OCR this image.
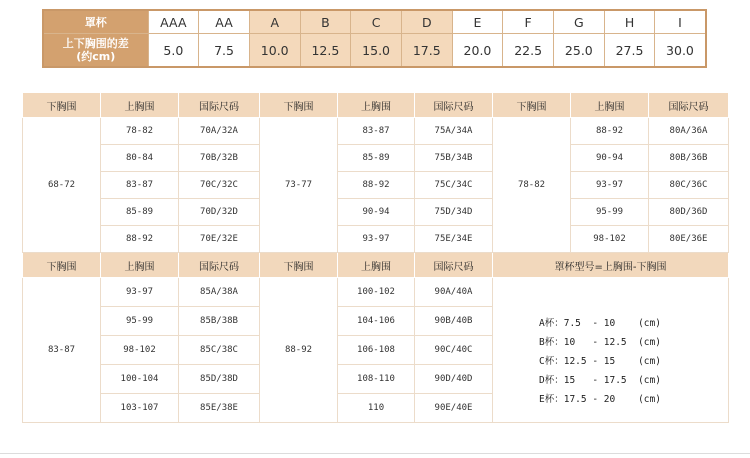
罩杯	AAA	AA	A	B	C	D	E	F	G	H	I

上下胸围的差
(约cm)	5.0	7.5	10.0	12.5	15.0	17.5	20.0	22.5	25.0	27.5	30.0
下胸围	上胸围	国际尺码	下胸围	上胸围	国际尺码	下胸围	上胸围	国际尺码
68-72	78-82	70A/32A	73-77	83-87	75A/34A	78-82	88-92	80A/36A
	80-84	70B/32B		85-89	75B/34B		90-94	80B/36B
	83-87	70C/32C		88-92	75C/34C		93-97	80C/36C
	85-89	70D/32D		90-94	75D/34D		95-99	80D/36D
	88-92	70E/32E		93-97	75E/34E		98-102	80E/36E
下胸围	上胸围	国际尺码	下胸围	上胸围	国际尺码	罩杯型号=上胸围-下胸围		
83-87	93-97	85A/38A	88-92	100-102	90A/40A	A杯：7.5  - 10    (cm)
B杯：10   - 12.5  (cm)
C杯：12.5 - 15    (cm)
D杯：15   - 17.5  (cm)
E杯：17.5 - 20    (cm)		

	95-99	85B/38B		104-106	90B/40B			
	98-102	85C/38C		106-108	90C/40C			
	100-104	85D/38D		108-110	90D/40D			
	103-107	85E/38E		110	90E/40E			
